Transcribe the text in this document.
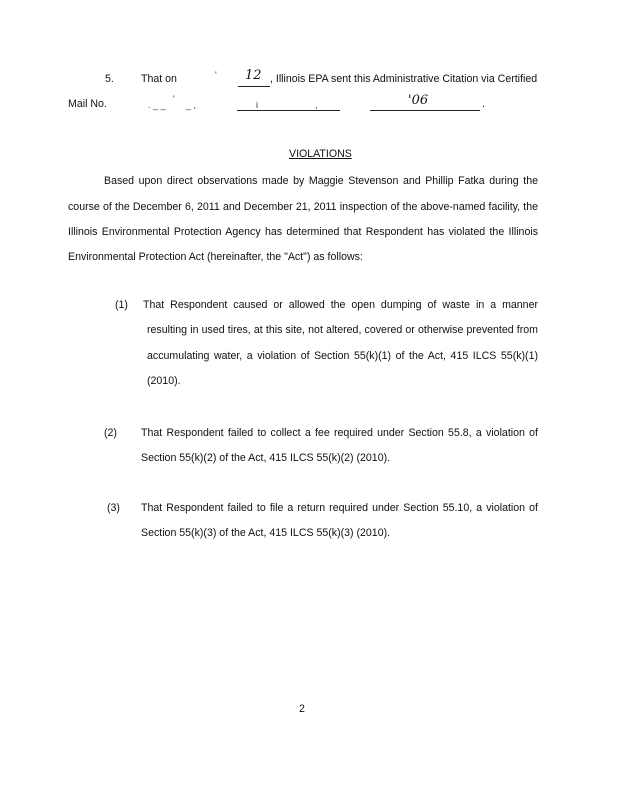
5.	That on	' 12 , Illinois EPA sent this Administrative Citation via Certified
Mail No.	. _ _
'
_ ,	i	,	'06	.
VIOLATIONS
Based upon direct observations made by Maggie Stevenson and Phillip Fatka during the
course of the December 6, 2011 and December 21, 2011 inspection of the above-named facility, the
Illinois Environmental Protection Agency has determined that Respondent has violated the Illinois
Environmental Protection Act (hereinafter, the "Act") as follows:
(1) That Respondent caused or allowed the open dumping of waste in a manner
resulting in used tires, at this site, not altered, covered or otherwise prevented from
accumulating water, a violation of Section 55(k)(1) of the Act, 415 ILCS 55(k)(1)
(2010).
(2) That Respondent failed to collect a fee required under Section 55.8, a violation of
Section 55(k)(2) of the Act, 415 ILCS 55(k)(2) (2010).
(3) That Respondent failed to file a return required under Section 55.10, a violation of
Section 55(k)(3) of the Act, 415 ILCS 55(k)(3) (2010).
2
